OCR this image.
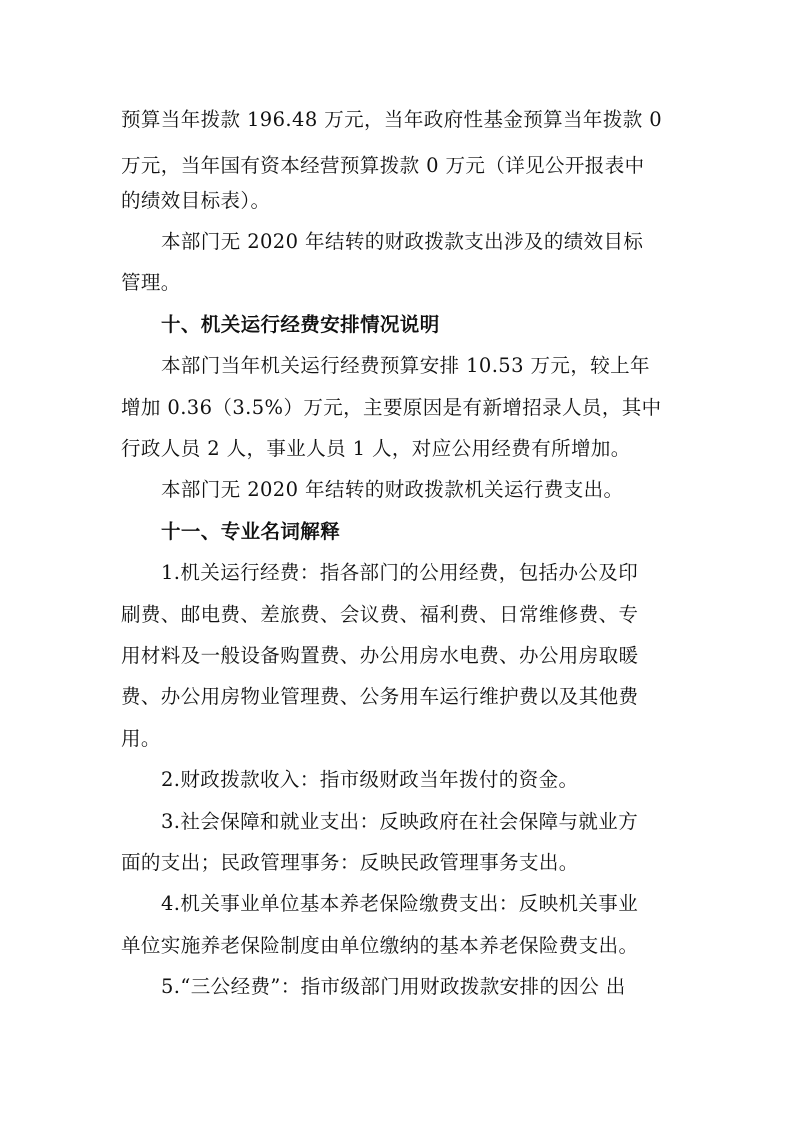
预算当年拨款 196.48 万元，当年政府性基金预算当年拨款 0
万元，当年国有资本经营预算拨款 0 万元（详见公开报表中
的绩效目标表）。
本部门无 2020 年结转的财政拨款支出涉及的绩效目标
管理。
十、机关运行经费安排情况说明
本部门当年机关运行经费预算安排 10.53 万元，较上年
增加 0.36（3.5%）万元，主要原因是有新增招录人员，其中
行政人员 2 人，事业人员 1 人，对应公用经费有所增加。
本部门无 2020 年结转的财政拨款机关运行费支出。
十一、专业名词解释
1.机关运行经费：指各部门的公用经费，包括办公及印
刷费、邮电费、差旅费、会议费、福利费、日常维修费、专
用材料及一般设备购置费、办公用房水电费、办公用房取暖
费、办公用房物业管理费、公务用车运行维护费以及其他费
用。
2.财政拨款收入：指市级财政当年拨付的资金。
3.社会保障和就业支出：反映政府在社会保障与就业方
面的支出；民政管理事务：反映民政管理事务支出。
4.机关事业单位基本养老保险缴费支出：反映机关事业
单位实施养老保险制度由单位缴纳的基本养老保险费支出。
5.“三公经费”：指市级部门用财政拨款安排的因公 出
